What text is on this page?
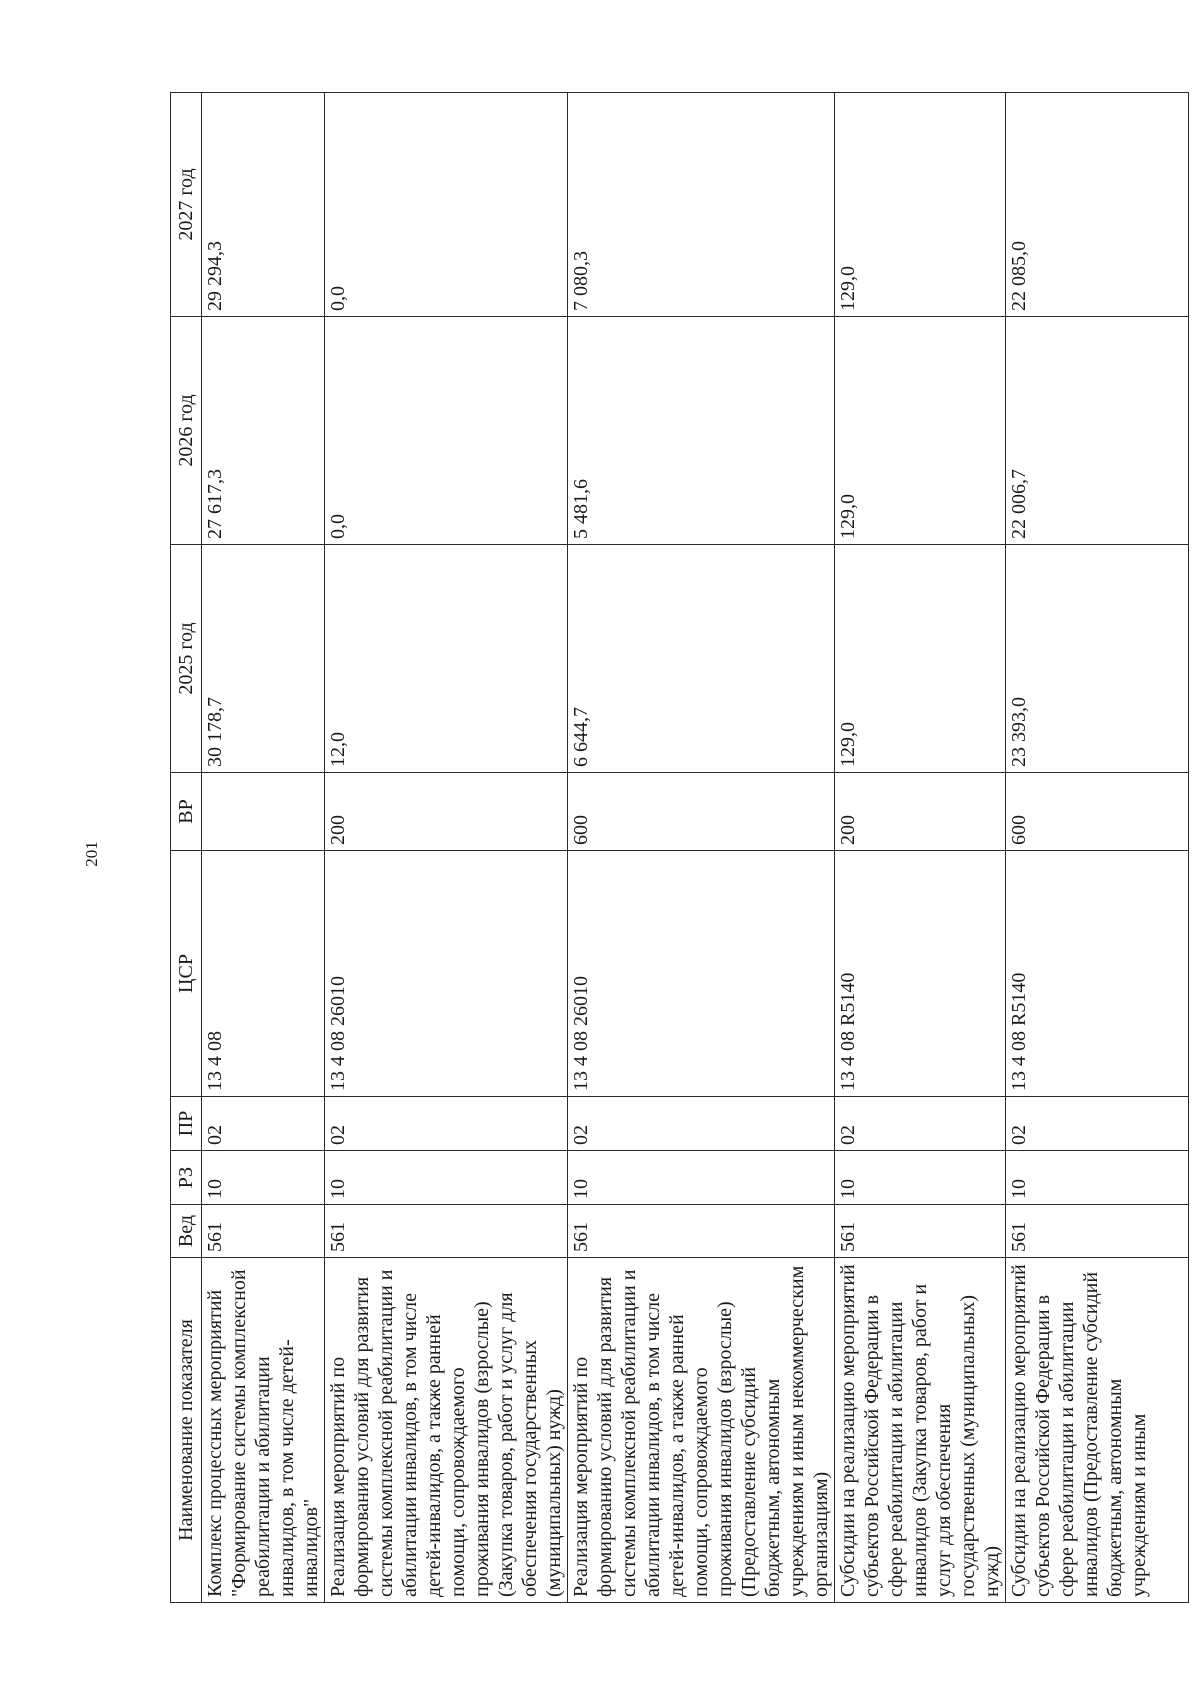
201
Наименование показателя	Вед	РЗ	ПР	ЦСР	ВР	2025 год	2026 год	2027 год
Комплекс процессных мероприятий "Формирование системы комплексной реабилитации и абилитации инвалидов, в том числе детей-инвалидов"	561	10	02	13 4 08		30 178,7	27 617,3	29 294,3
Реализация мероприятий по формированию условий для развития системы комплексной реабилитации и абилитации инвалидов, в том числе детей-инвалидов, а также ранней помощи, сопровождаемого проживания инвалидов (взрослые) (Закупка товаров, работ и услуг для обеспечения государственных (муниципальных) нужд)	561	10	02	13 4 08 26010	200	12,0	0,0	0,0
Реализация мероприятий по формированию условий для развития системы комплексной реабилитации и абилитации инвалидов, в том числе детей-инвалидов, а также ранней помощи, сопровождаемого проживания инвалидов (взрослые) (Предоставление субсидий бюджетным, автономным учреждениям и иным некоммерческим организациям)	561	10	02	13 4 08 26010	600	6 644,7	5 481,6	7 080,3
Субсидии на реализацию мероприятий субъектов Российской Федерации в сфере реабилитации и абилитации инвалидов (Закупка товаров, работ и услуг для обеспечения государственных (муниципальных) нужд)	561	10	02	13 4 08 R5140	200	129,0	129,0	129,0
Субсидии на реализацию мероприятий субъектов Российской Федерации в сфере реабилитации и абилитации инвалидов (Предоставление субсидий бюджетным, автономным учреждениям и иным	561	10	02	13 4 08 R5140	600	23 393,0	22 006,7	22 085,0
